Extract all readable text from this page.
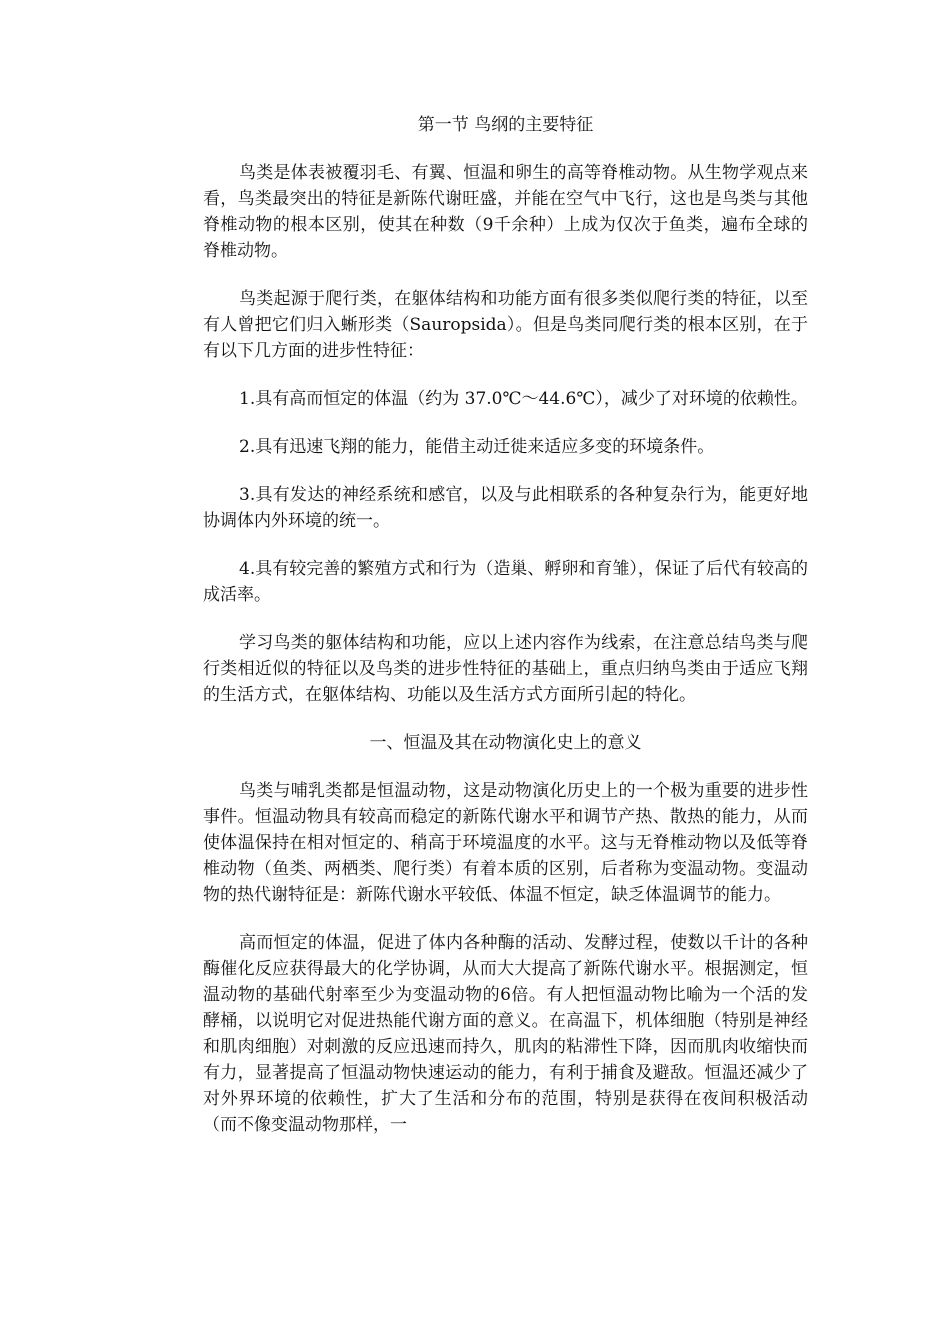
第一节 鸟纲的主要特征

鸟类是体表被覆羽毛、有翼、恒温和卵生的高等脊椎动物。从生物学观点来看，鸟类最突出的特征是新陈代谢旺盛，并能在空气中飞行，这也是鸟类与其他脊椎动物的根本区别，使其在种数（9千余种）上成为仅次于鱼类，遍布全球的脊椎动物。

鸟类起源于爬行类，在躯体结构和功能方面有很多类似爬行类的特征，以至有人曾把它们归入蜥形类（Sauropsida）。但是鸟类同爬行类的根本区别，在于有以下几方面的进步性特征：

1.具有高而恒定的体温（约为 37.0℃～44.6℃），减少了对环境的依赖性。

2.具有迅速飞翔的能力，能借主动迁徙来适应多变的环境条件。

3.具有发达的神经系统和感官，以及与此相联系的各种复杂行为，能更好地协调体内外环境的统一。

4.具有较完善的繁殖方式和行为（造巢、孵卵和育雏），保证了后代有较高的成活率。

学习鸟类的躯体结构和功能，应以上述内容作为线索，在注意总结鸟类与爬行类相近似的特征以及鸟类的进步性特征的基础上，重点归纳鸟类由于适应飞翔的生活方式，在躯体结构、功能以及生活方式方面所引起的特化。

一、恒温及其在动物演化史上的意义

鸟类与哺乳类都是恒温动物，这是动物演化历史上的一个极为重要的进步性事件。恒温动物具有较高而稳定的新陈代谢水平和调节产热、散热的能力，从而使体温保持在相对恒定的、稍高于环境温度的水平。这与无脊椎动物以及低等脊椎动物（鱼类、两栖类、爬行类）有着本质的区别，后者称为变温动物。变温动物的热代谢特征是：新陈代谢水平较低、体温不恒定，缺乏体温调节的能力。

高而恒定的体温，促进了体内各种酶的活动、发酵过程，使数以千计的各种酶催化反应获得最大的化学协调，从而大大提高了新陈代谢水平。根据测定，恒温动物的基础代射率至少为变温动物的6倍。有人把恒温动物比喻为一个活的发酵桶，以说明它对促进热能代谢方面的意义。在高温下，机体细胞（特别是神经和肌肉细胞）对刺激的反应迅速而持久，肌肉的粘滞性下降，因而肌肉收缩快而有力，显著提高了恒温动物快速运动的能力，有利于捕食及避敌。恒温还减少了对外界环境的依赖性，扩大了生活和分布的范围，特别是获得在夜间积极活动（而不像变温动物那样，一
